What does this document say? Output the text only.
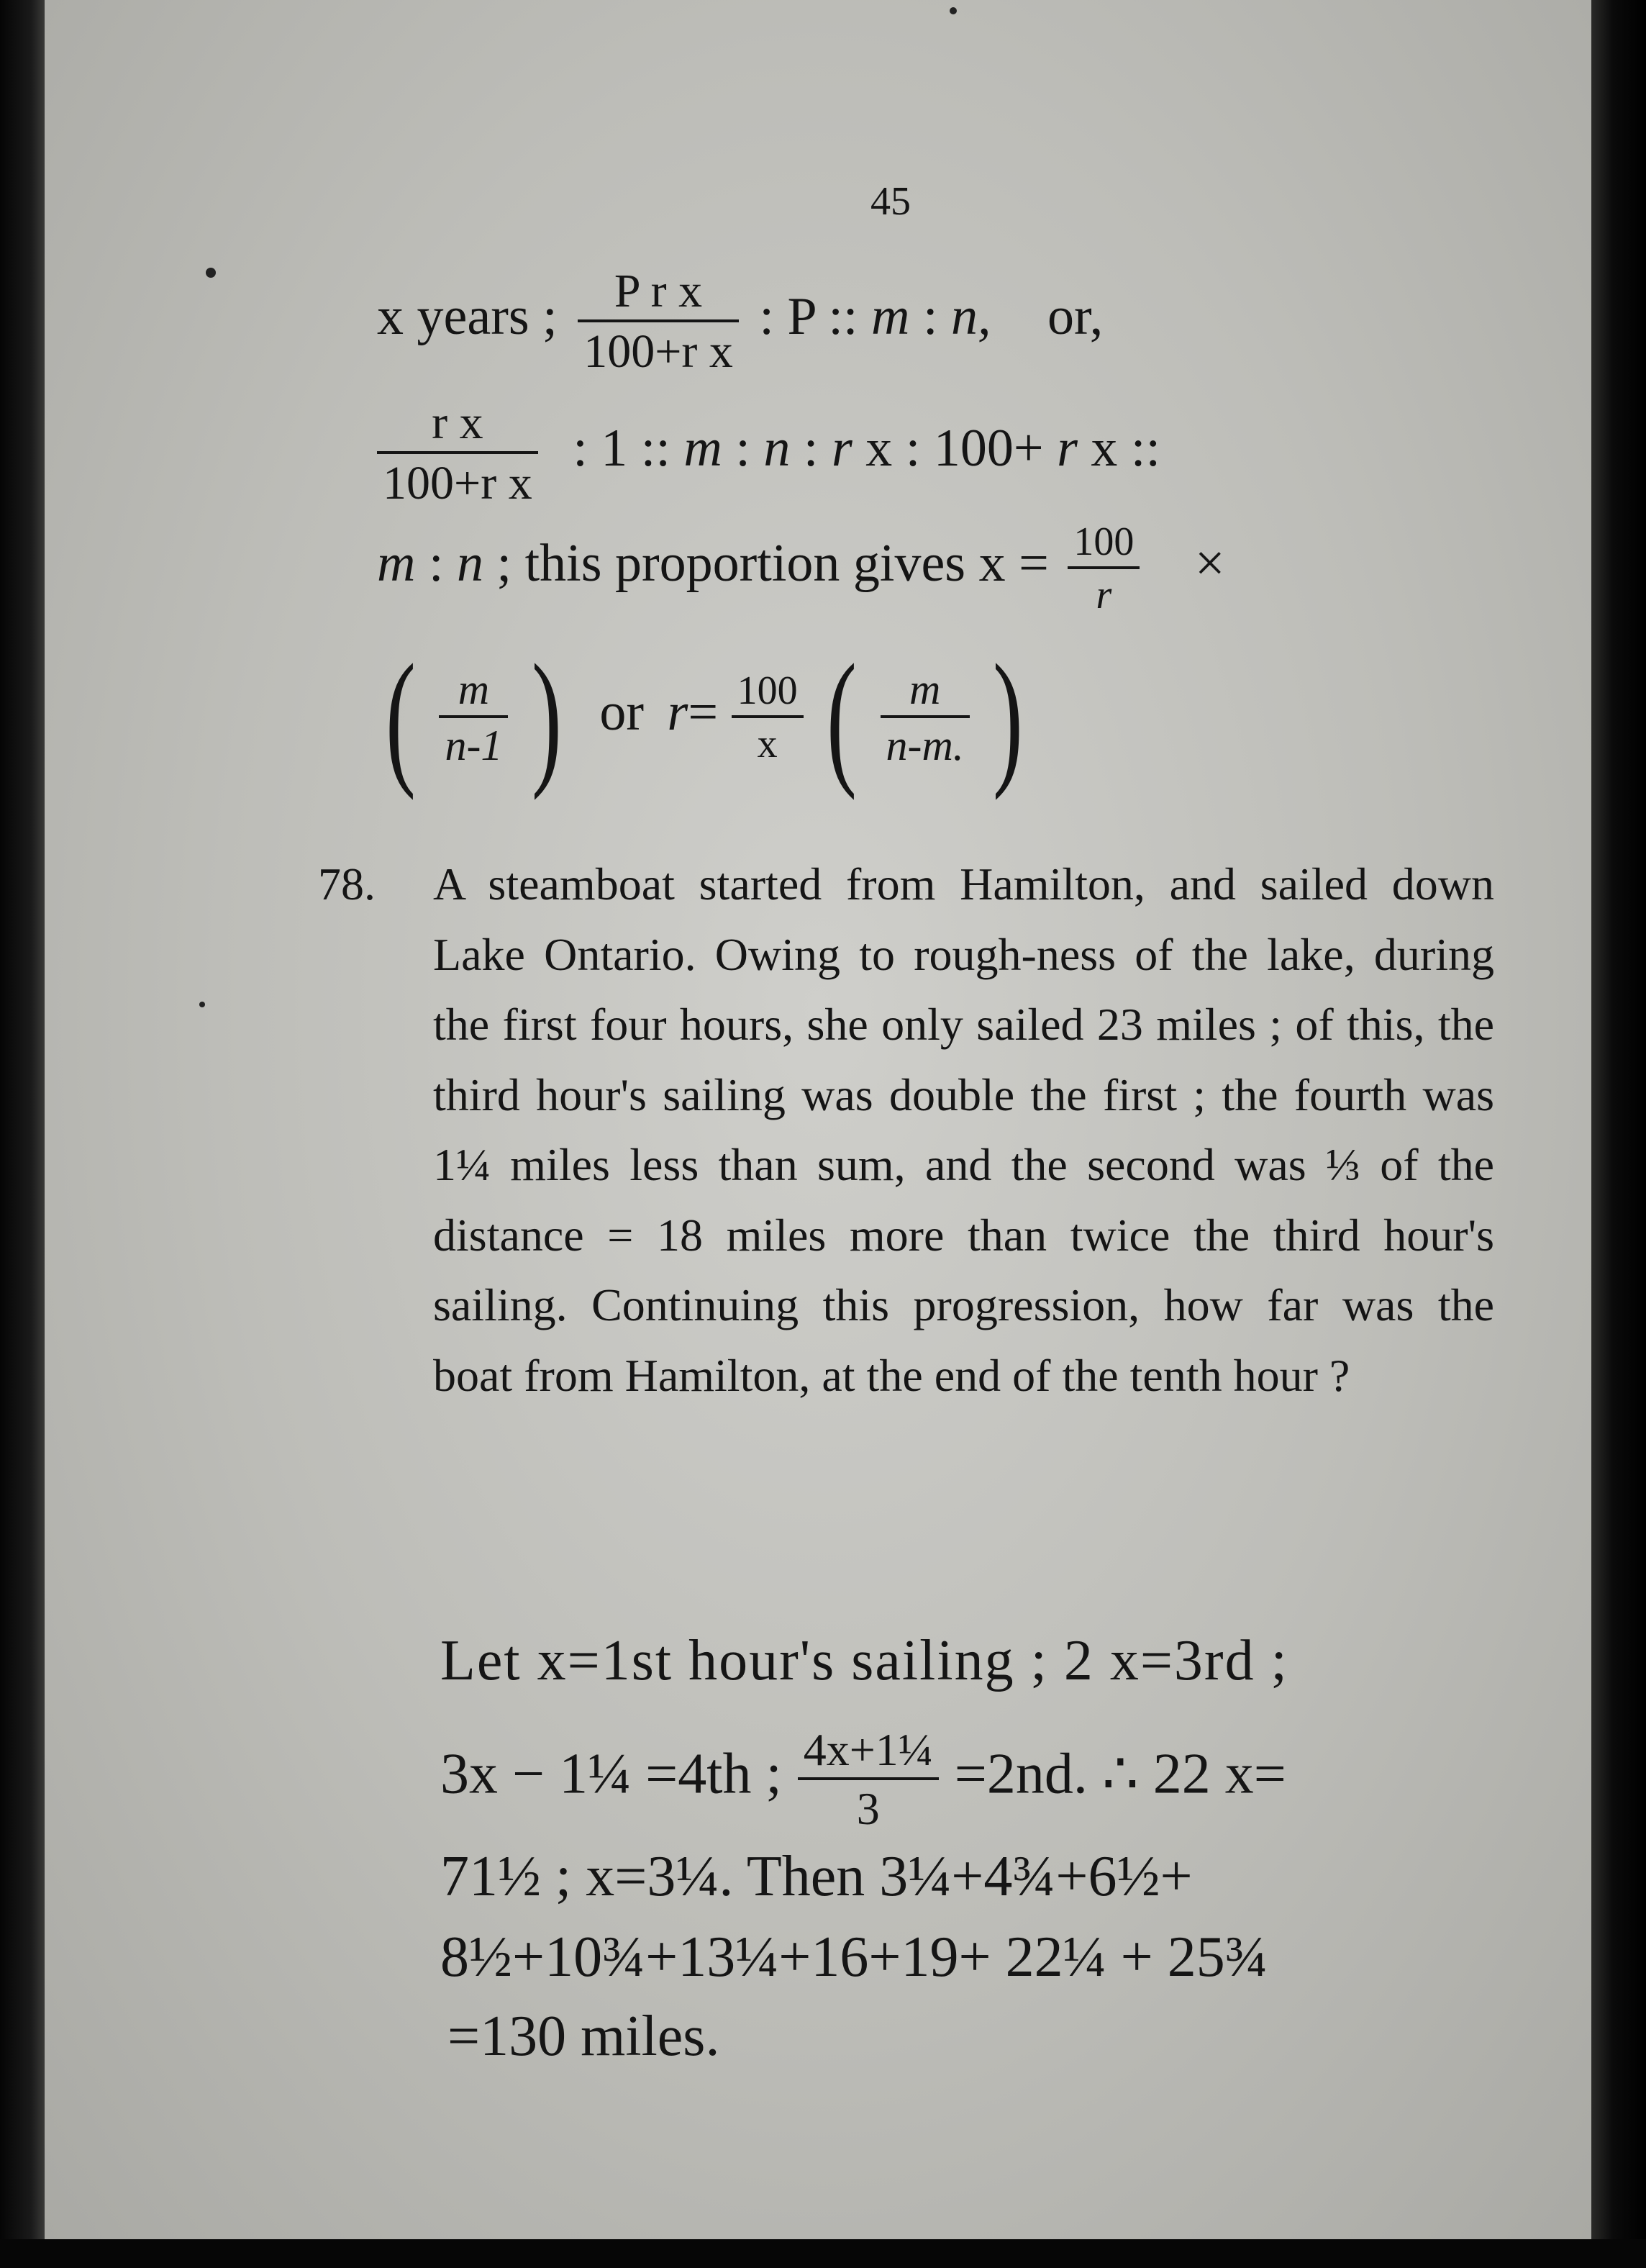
45
x years ; $\frac{\text{P r x}}{\text{100+r x}}$ : P :: m : n, or,
$\frac{\text{r x}}{\text{100+r x}}$ : 1 :: m : n : r x : 100+ r x ::
m : n ; this proportion gives $x = \frac{100}{r}$ ×
( $\frac{m}{n-1}$ ) or $r= \frac{100}{x}$ ( $\frac{m}{n-m.}$ )
78. A steamboat started from Hamilton, and sailed down Lake Ontario. Owing to rough-ness of the lake, during the first four hours, she only sailed 23 miles ; of this, the third hour's sailing was double the first ; the fourth was 1¼ miles less than sum, and the second was ⅓ of the distance = 18 miles more than twice the third hour's sailing. Continuing this progression, how far was the boat from Hamilton, at the end of the tenth hour ?
Let x=1st hour's sailing ; 2 x=3rd ;
3x − 1¼ =4th ; $\frac{\text{4x+1¼}}{3} =2nd$. ∴ 22 x=
71½ ; x=3¼. Then 3¼+4¾+6½+
8½+10¾+13¼+16+19+ 22¼ + 25¾
=130 miles.
